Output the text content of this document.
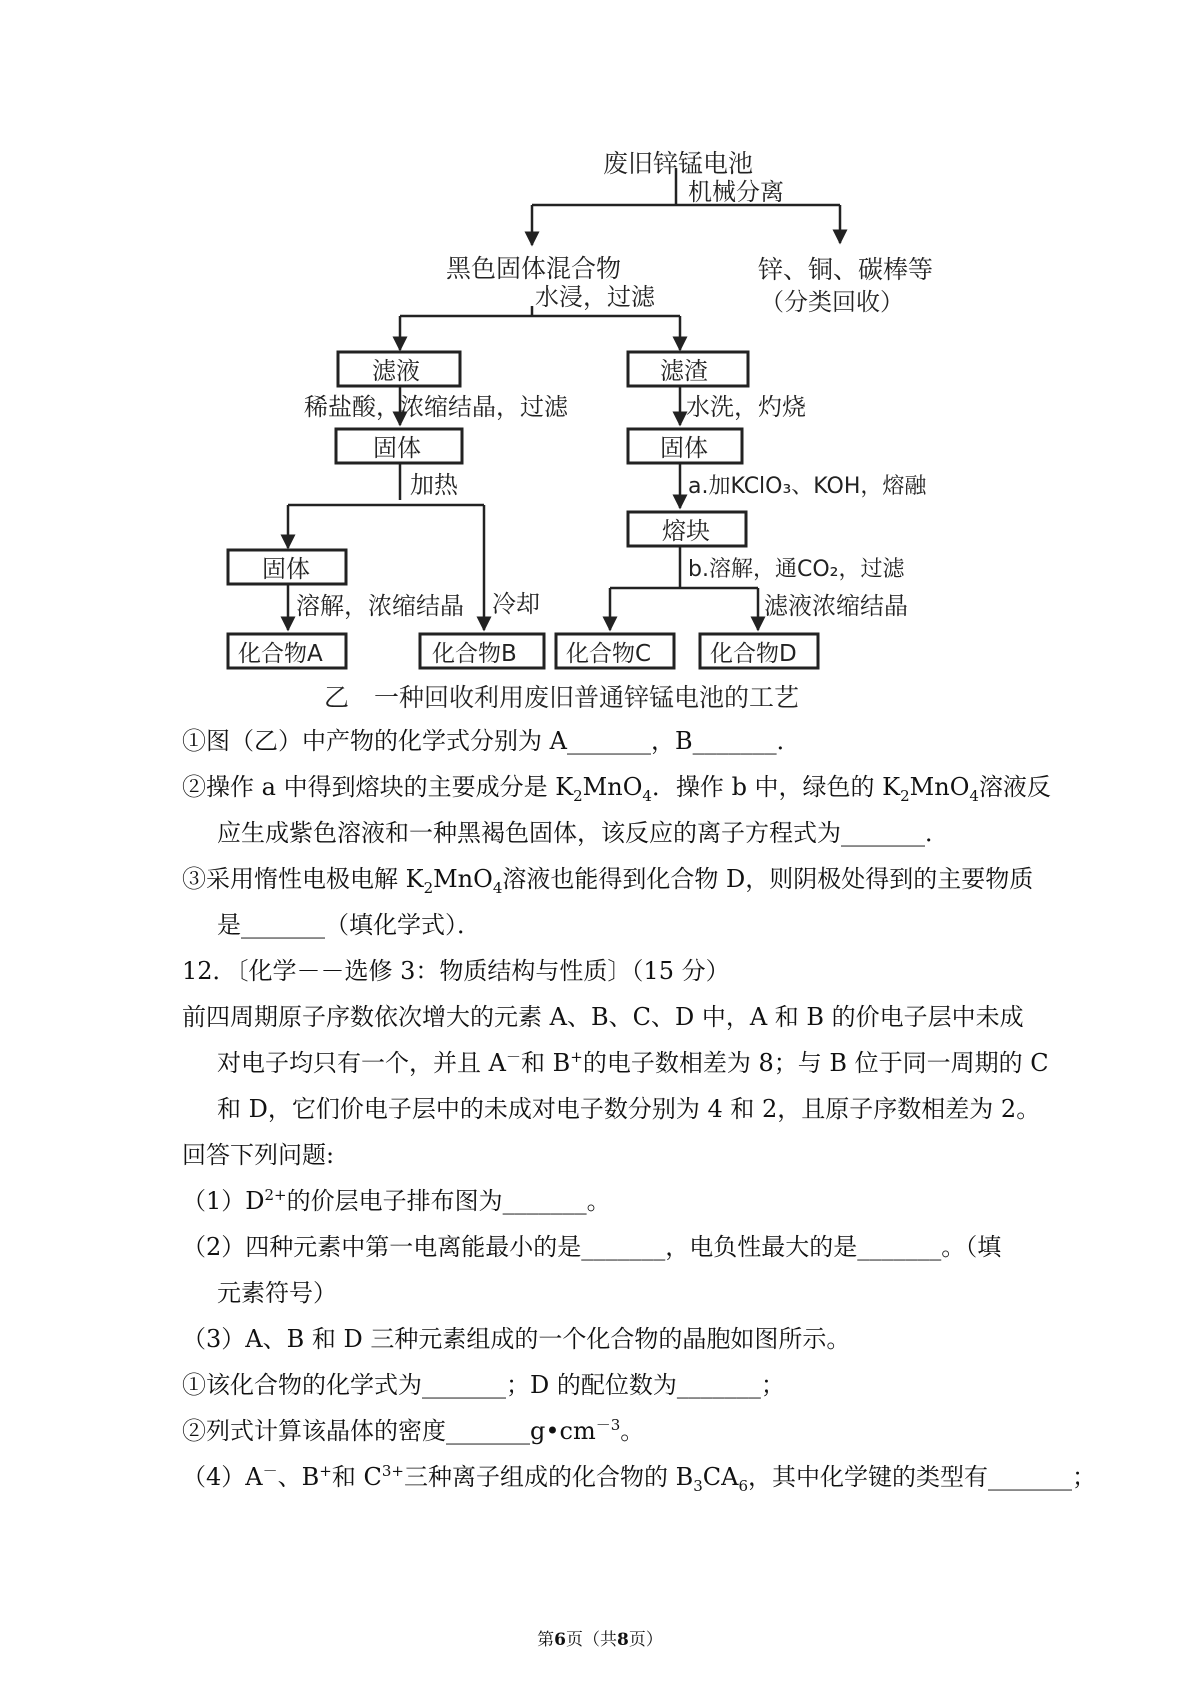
废旧锌锰电池
机械分离
黑色固体混合物
水浸，过滤
锌、铜、碳棒等
（分类回收）
滤液	滤渣
稀盐酸，浓缩结晶，过滤	水洗，灼烧
固体	固体
加热	a.加KClO₃、KOH，熔融
熔块
b.溶解，通CO₂，过滤
固体
溶解，浓缩结晶 冷却	滤液浓缩结晶
化合物A	化合物B 化合物C	化合物D
乙　一种回收利用废旧普通锌锰电池的工艺
①图（乙）中产物的化学式分别为 A_______，B_______．
②操作 a 中得到熔块的主要成分是 $K_2MnO_4$．操作 b 中，绿色的 $K_2MnO_4$溶液反
应生成紫色溶液和一种黑褐色固体，该反应的离子方程式为_______．
③采用惰性电极电解 $K_2MnO_4$溶液也能得到化合物 D，则阴极处得到的主要物质
是_______（填化学式）．
12．〔化学－－选修 3：物质结构与性质〕（15 分）
前四周期原子序数依次增大的元素 A、B、C、D 中，A 和 B 的价电子层中未成
对电子均只有一个，并且 A－和 B+的电子数相差为 8；与 B 位于同一周期的 C
和 D，它们价电子层中的未成对电子数分别为 4 和 2，且原子序数相差为 2。
回答下列问题:
$(1)D^{2+}$的价层电子排布图为_______。
（2）四种元素中第一电离能最小的是_______，电负性最大的是_______。（填
元素符号）
（3）A、B 和 D 三种元素组成的一个化合物的晶胞如图所示。
①该化合物的化学式为_______；D 的配位数为_______；
②列式计算该晶体的密度$\_\_\_\_\_\_\_g•cm^{-3}$。
（4）A－、B+和 $C^{3+}$三种离子组成的化合物的 $B_3CA_6$，其中化学键的类型有_______；
第6页（共8页）
